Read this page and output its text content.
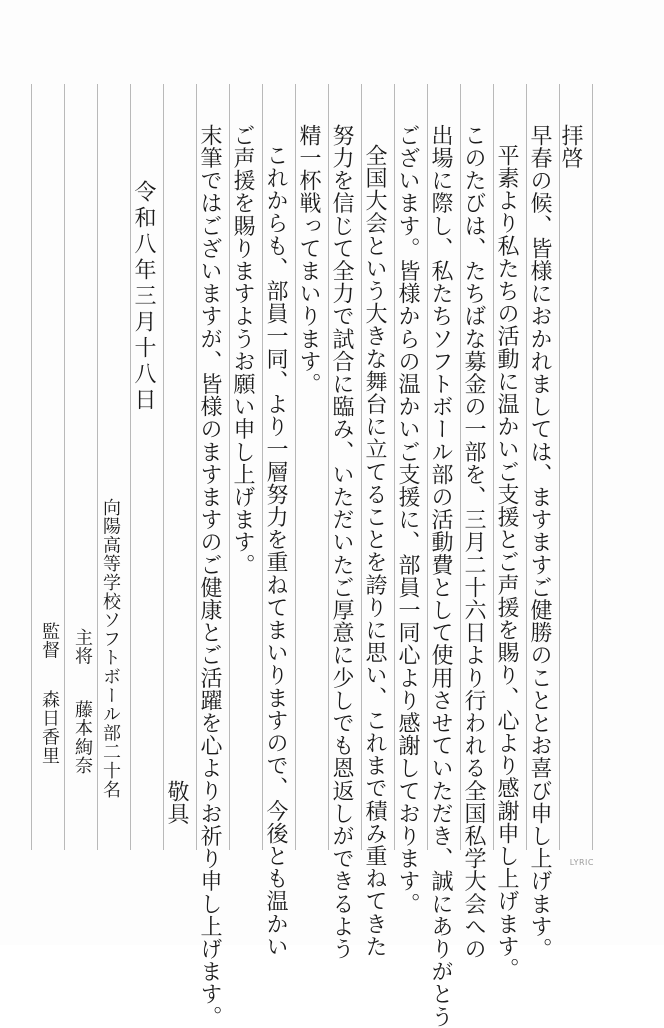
拝啓
早春の候、皆様におかれましては、ますますご健勝のこととお喜び申し上げます。
平素より私たちの活動に温かいご支援とご声援を賜り、心より感謝申し上げます。
このたびは、たちばな募金の一部を、三月二十六日より行われる全国私学大会への
出場に際し、私たちソフトボール部の活動費として使用させていただき、誠にありがとう
ございます。皆様からの温かいご支援に、部員一同心より感謝しております。
全国大会という大きな舞台に立てることを誇りに思い、これまで積み重ねてきた
努力を信じて全力で試合に臨み、いただいたご厚意に少しでも恩返しができるよう
精一杯戦ってまいります。
これからも、部員一同、より一層努力を重ねてまいりますので、今後とも温かい
ご声援を賜りますようお願い申し上げます。
末筆ではございますが、皆様のますますのご健康とご活躍を心よりお祈り申し上げます。
敬具
令和八年三月十八日
向陽高等学校ソフトボール部二十名
主将
藤本絢奈
監督
森日香里
LYRIC
